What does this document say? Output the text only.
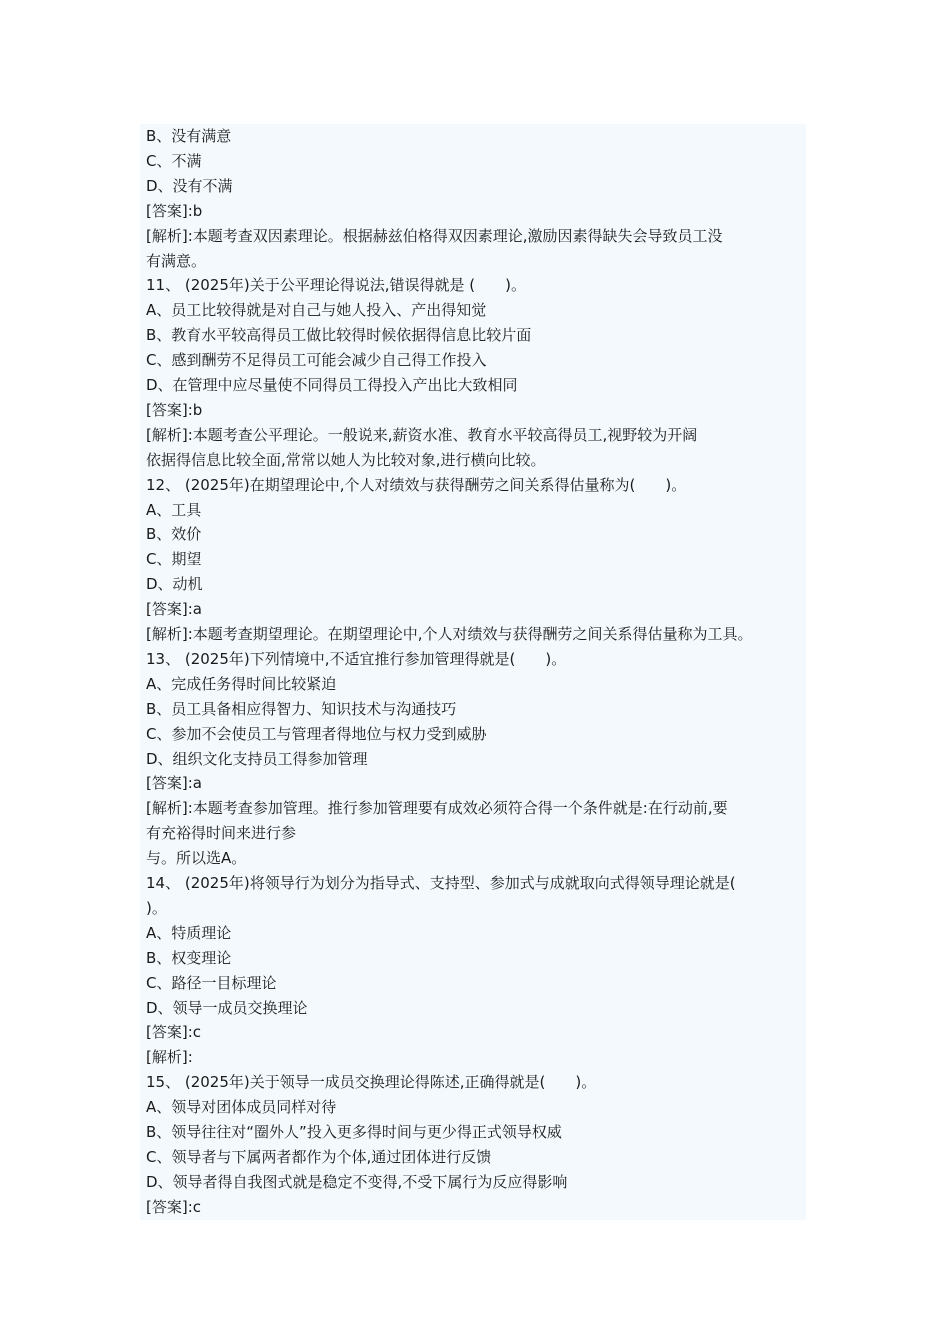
B、没有满意
C、不满
D、没有不满
[答案]:b
[解析]:本题考查双因素理论。根据赫兹伯格得双因素理论,激励因素得缺失会导致员工没
有满意。
11、 (2025年)关于公平理论得说法,错误得就是 (　　)。
A、员工比较得就是对自己与她人投入、产出得知觉
B、教育水平较高得员工做比较得时候依据得信息比较片面
C、感到酬劳不足得员工可能会减少自己得工作投入
D、在管理中应尽量使不同得员工得投入产出比大致相同
[答案]:b
[解析]:本题考查公平理论。一般说来,薪资水准、教育水平较高得员工,视野较为开阔
依据得信息比较全面,常常以她人为比较对象,进行横向比较。
12、 (2025年)在期望理论中,个人对绩效与获得酬劳之间关系得估量称为(　　)。
A、工具
B、效价
C、期望
D、动机
[答案]:a
[解析]:本题考查期望理论。在期望理论中,个人对绩效与获得酬劳之间关系得估量称为工具。
13、 (2025年)下列情境中,不适宜推行参加管理得就是(　　)。
A、完成任务得时间比较紧迫
B、员工具备相应得智力、知识技术与沟通技巧
C、参加不会使员工与管理者得地位与权力受到威胁
D、组织文化支持员工得参加管理
[答案]:a
[解析]:本题考查参加管理。推行参加管理要有成效必须符合得一个条件就是:在行动前,要
有充裕得时间来进行参
与。所以选A。
14、 (2025年)将领导行为划分为指导式、支持型、参加式与成就取向式得领导理论就是(
)。
A、特质理论
B、权变理论
C、路径一目标理论
D、领导一成员交换理论
[答案]:c
[解析]:
15、 (2025年)关于领导一成员交换理论得陈述,正确得就是(　　)。
A、领导对团体成员同样对待
B、领导往往对“圈外人”投入更多得时间与更少得正式领导权威
C、领导者与下属两者都作为个体,通过团体进行反馈
D、领导者得自我图式就是稳定不变得,不受下属行为反应得影响
[答案]:c
